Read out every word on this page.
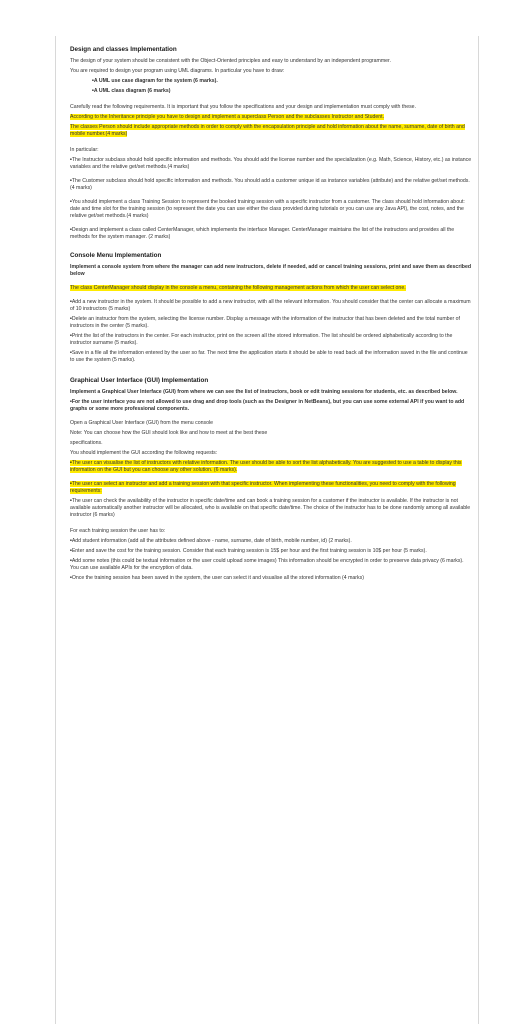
Design and classes Implementation
The design of your system should be consistent with the Object-Oriented principles and easy to understand by an independent programmer.
You are required to design your program using UML diagrams. In particular you have to draw:
• A UML use case diagram for the system (6 marks).
• A UML class diagram (6 marks)
Carefully read the following requirements. It is important that you follow the specifications and your design and implementation must comply with these.
According to the Inheritance principle you have to design and implement a superclass Person and the subclasses Instructor and Student.
The classes Person should include appropriate methods in order to comply with the encapsulation principle and hold information about the name, surname, date of birth and mobile number.(4 marks)
In particular:
• The Instructor subclass should hold specific information and methods. You should add the license number and the specialization (e.g. Math, Science, History, etc.) as instance variables and the relative get/set methods.(4 marks)
• The Customer subclass should hold specific information and methods. You should add a customer unique id as instance variables (attribute) and the relative get/set methods. (4 marks)
• You should implement a class Training Session to represent the booked training session with a specific instructor from a customer. The class should hold information about: date and time slot for the training session (to represent the date you can use either the class provided during tutorials or you can use any Java API), the cost, notes, and the relative get/set methods.(4 marks)
• Design and implement a class called CenterManager, which implements the interface Manager. CenterManager maintains the list of the instructors and provides all the methods for the system manager. (2 marks)
Console Menu Implementation
Implement a console system from where the manager can add new instructors, delete if needed, add or cancel training sessions, print and save them as described below
The class CenterManager should display in the console a menu, containing the following management actions from which the user can select one.
• Add a new instructor in the system. It should be possible to add a new instructor, with all the relevant information. You should consider that the center can allocate a maximum of 10 instructors (5 marks)
• Delete an instructor from the system, selecting the license number. Display a message with the information of the instructor that has been deleted and the total number of instructors in the center (5 marks).
• Print the list of the instructors in the center. For each instructor, print on the screen all the stored information. The list should be ordered alphabetically according to the instructor surname (5 marks).
• Save in a file all the information entered by the user so far. The next time the application starts it should be able to read back all the information saved in the file and continue to use the system (5 marks).
Graphical User Interface (GUI) Implementation
Implement a Graphical User Interface (GUI) from where we can see the list of instructors, book or edit training sessions for students, etc. as described below.
• For the user interface you are not allowed to use drag and drop tools (such as the Designer in NetBeans), but you can use some external API if you want to add graphs or some more professional components.
Open a Graphical User Interface (GUI) from the menu console
Note: You can choose how the GUI should look like and how to meet at the best these
specifications.
You should implement the GUI according the following requests:
• The user can visualise the list of instructors with relative information. The user should be able to sort the list alphabetically. You are suggested to use a table to display this information on the GUI but you can choose any other solution. (6 marks).
• The user can select an instructor and add a training session with that specific instructor. When implementing these functionalities, you need to comply with the following requirements:
• The user can check the availability of the instructor in specific date/time and can book a training session for a customer if the instructor is available. If the instructor is not available automatically another instructor will be allocated, who is available on that specific date/time. The choice of the instructor has to be done randomly among all available instructor (6 marks)
For each training session the user has to:
• Add student information (add all the attributes defined above - name, surname, date of birth, mobile number, id) (2 marks).
• Enter and save the cost for the training session. Consider that each training session is 15$ per hour and the first training session is 10$ per hour (5 marks).
• Add some notes (this could be textual information or the user could upload some images) This information should be encrypted in order to preserve data privacy (6 marks). You can use available APIs for the encryption of data.
• Once the training session has been saved in the system, the user can select it and visualise all the stored information (4 marks)
